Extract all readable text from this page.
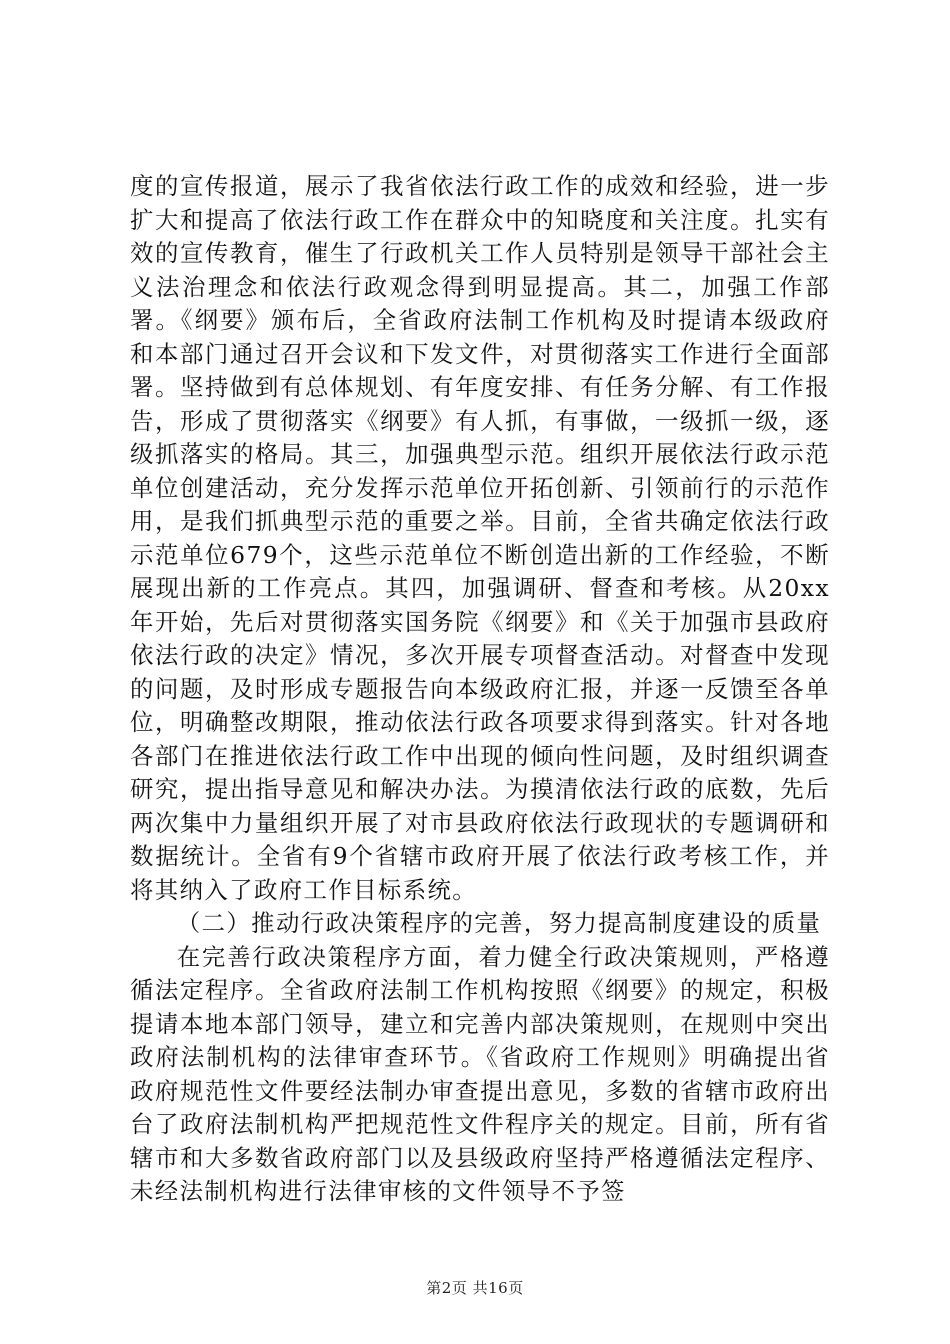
度的宣传报道，展示了我省依法行政工作的成效和经验，进一步扩大和提高了依法行政工作在群众中的知晓度和关注度。扎实有效的宣传教育，催生了行政机关工作人员特别是领导干部社会主义法治理念和依法行政观念得到明显提高。其二，加强工作部署。《纲要》颁布后，全省政府法制工作机构及时提请本级政府和本部门通过召开会议和下发文件，对贯彻落实工作进行全面部署。坚持做到有总体规划、有年度安排、有任务分解、有工作报告，形成了贯彻落实《纲要》有人抓，有事做，一级抓一级，逐级抓落实的格局。其三，加强典型示范。组织开展依法行政示范单位创建活动，充分发挥示范单位开拓创新、引领前行的示范作用，是我们抓典型示范的重要之举。目前，全省共确定依法行政示范单位679个，这些示范单位不断创造出新的工作经验，不断展现出新的工作亮点。其四，加强调研、督查和考核。从20xx年开始，先后对贯彻落实国务院《纲要》和《关于加强市县政府依法行政的决定》情况，多次开展专项督查活动。对督查中发现的问题，及时形成专题报告向本级政府汇报，并逐一反馈至各单位，明确整改期限，推动依法行政各项要求得到落实。针对各地各部门在推进依法行政工作中出现的倾向性问题，及时组织调查研究，提出指导意见和解决办法。为摸清依法行政的底数，先后两次集中力量组织开展了对市县政府依法行政现状的专题调研和数据统计。全省有9个省辖市政府开展了依法行政考核工作，并将其纳入了政府工作目标系统。

（二）推动行政决策程序的完善，努力提高制度建设的质量

在完善行政决策程序方面，着力健全行政决策规则，严格遵循法定程序。全省政府法制工作机构按照《纲要》的规定，积极提请本地本部门领导，建立和完善内部决策规则，在规则中突出政府法制机构的法律审查环节。《省政府工作规则》明确提出省政府规范性文件要经法制办审查提出意见，多数的省辖市政府出台了政府法制机构严把规范性文件程序关的规定。目前，所有省辖市和大多数省政府部门以及县级政府坚持严格遵循法定程序、未经法制机构进行法律审核的文件领导不予签

第2页 共16页
